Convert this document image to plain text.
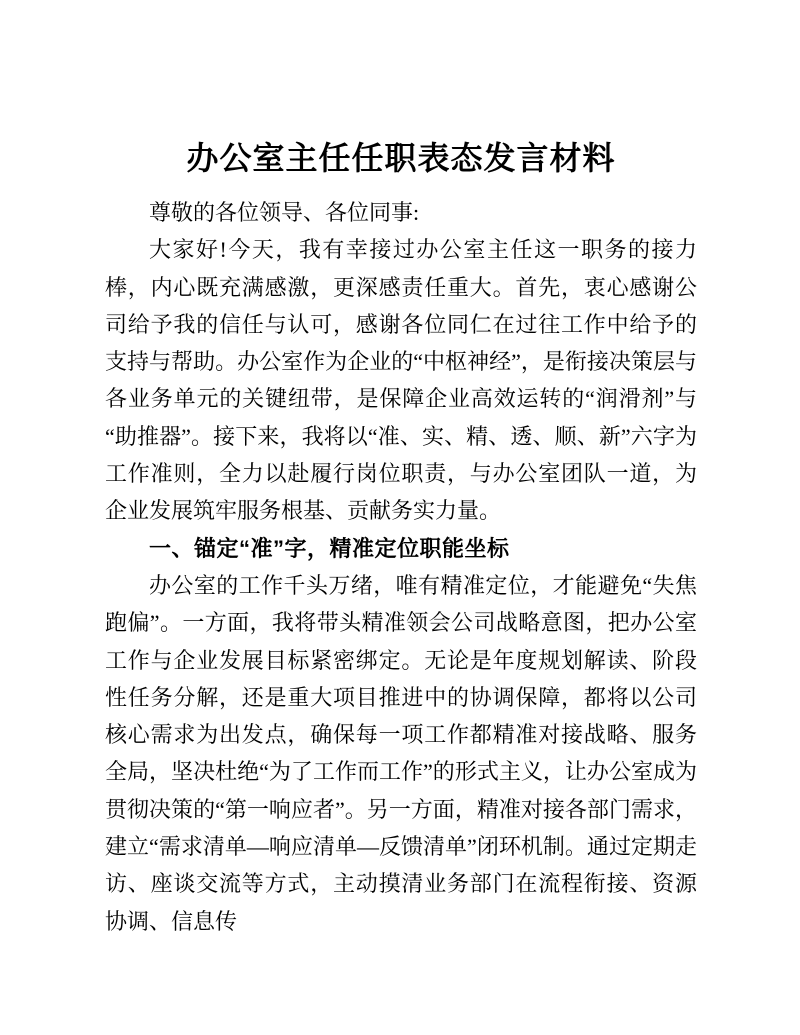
办公室主任任职表态发言材料

尊敬的各位领导、各位同事:

大家好!今天，我有幸接过办公室主任这一职务的接力棒，内心既充满感激，更深感责任重大。首先，衷心感谢公司给予我的信任与认可，感谢各位同仁在过往工作中给予的支持与帮助。办公室作为企业的“中枢神经”，是衔接决策层与各业务单元的关键纽带，是保障企业高效运转的“润滑剂”与“助推器”。接下来，我将以“准、实、精、透、顺、新”六字为工作准则，全力以赴履行岗位职责，与办公室团队一道，为企业发展筑牢服务根基、贡献务实力量。

一、锚定“准”字，精准定位职能坐标

办公室的工作千头万绪，唯有精准定位，才能避免“失焦跑偏”。一方面，我将带头精准领会公司战略意图，把办公室工作与企业发展目标紧密绑定。无论是年度规划解读、阶段性任务分解，还是重大项目推进中的协调保障，都将以公司核心需求为出发点，确保每一项工作都精准对接战略、服务全局，坚决杜绝“为了工作而工作”的形式主义，让办公室成为贯彻决策的“第一响应者”。另一方面，精准对接各部门需求，建立“需求清单—响应清单—反馈清单”闭环机制。通过定期走访、座谈交流等方式，主动摸清业务部门在流程衔接、资源协调、信息传
